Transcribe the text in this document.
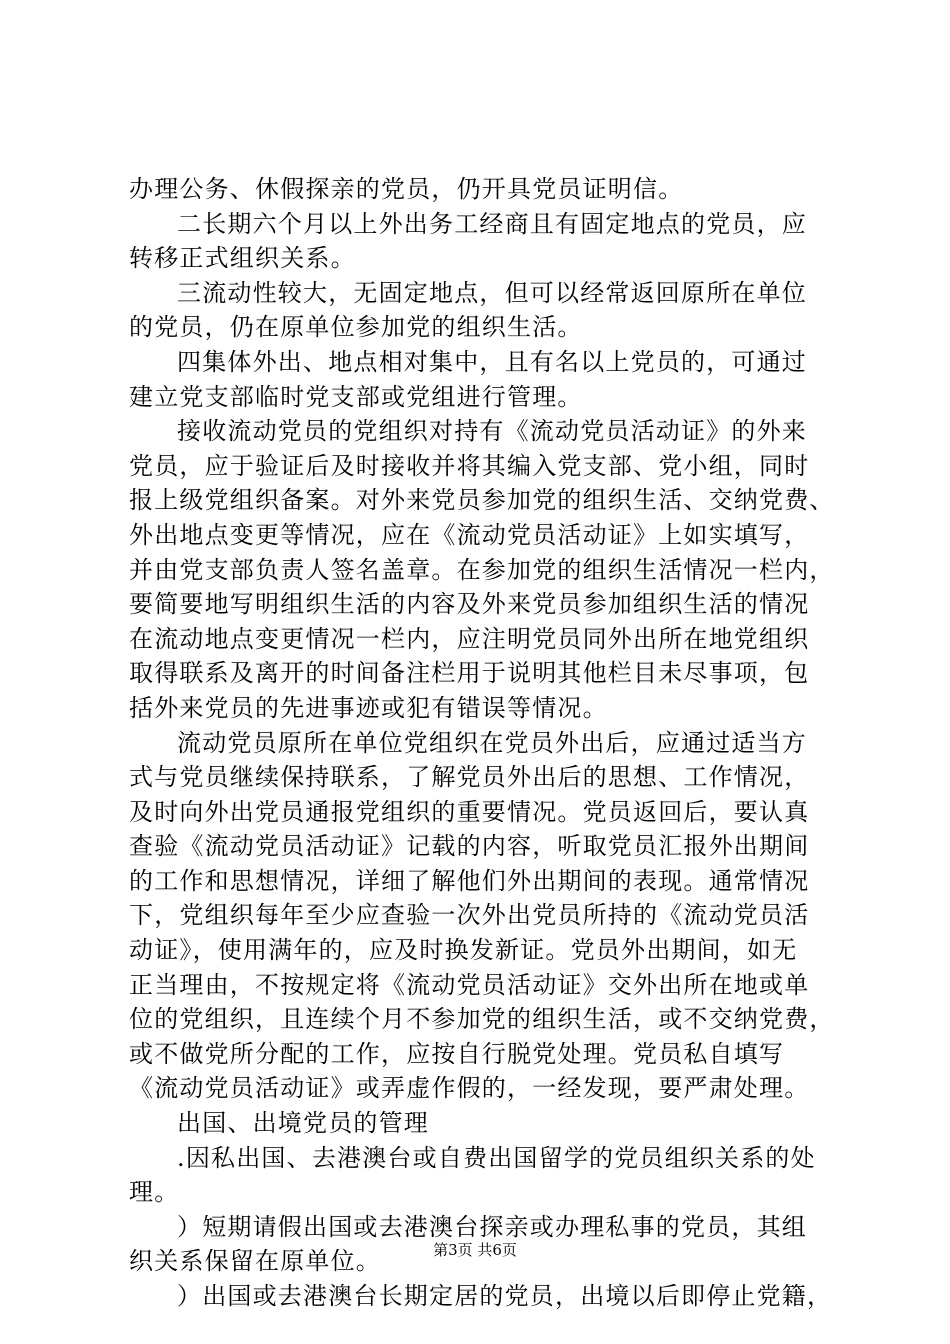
办理公务、休假探亲的党员，仍开具党员证明信。
二长期六个月以上外出务工经商且有固定地点的党员，应
转移正式组织关系。
三流动性较大，无固定地点，但可以经常返回原所在单位
的党员，仍在原单位参加党的组织生活。
四集体外出、地点相对集中，且有名以上党员的，可通过
建立党支部临时党支部或党组进行管理。
接收流动党员的党组织对持有《流动党员活动证》的外来
党员，应于验证后及时接收并将其编入党支部、党小组，同时
报上级党组织备案。对外来党员参加党的组织生活、交纳党费、
外出地点变更等情况，应在《流动党员活动证》上如实填写，
并由党支部负责人签名盖章。在参加党的组织生活情况一栏内，
要简要地写明组织生活的内容及外来党员参加组织生活的情况
在流动地点变更情况一栏内，应注明党员同外出所在地党组织
取得联系及离开的时间备注栏用于说明其他栏目未尽事项，包
括外来党员的先进事迹或犯有错误等情况。
流动党员原所在单位党组织在党员外出后，应通过适当方
式与党员继续保持联系，了解党员外出后的思想、工作情况，
及时向外出党员通报党组织的重要情况。党员返回后，要认真
查验《流动党员活动证》记载的内容，听取党员汇报外出期间
的工作和思想情况，详细了解他们外出期间的表现。通常情况
下，党组织每年至少应查验一次外出党员所持的《流动党员活
动证》，使用满年的，应及时换发新证。党员外出期间，如无
正当理由，不按规定将《流动党员活动证》交外出所在地或单
位的党组织，且连续个月不参加党的组织生活，或不交纳党费，
或不做党所分配的工作，应按自行脱党处理。党员私自填写
《流动党员活动证》或弄虚作假的，一经发现，要严肃处理。
出国、出境党员的管理
.因私出国、去港澳台或自费出国留学的党员组织关系的处
理。
）短期请假出国或去港澳台探亲或办理私事的党员，其组
织关系保留在原单位。
）出国或去港澳台长期定居的党员，出境以后即停止党籍，
第3页 共6页
